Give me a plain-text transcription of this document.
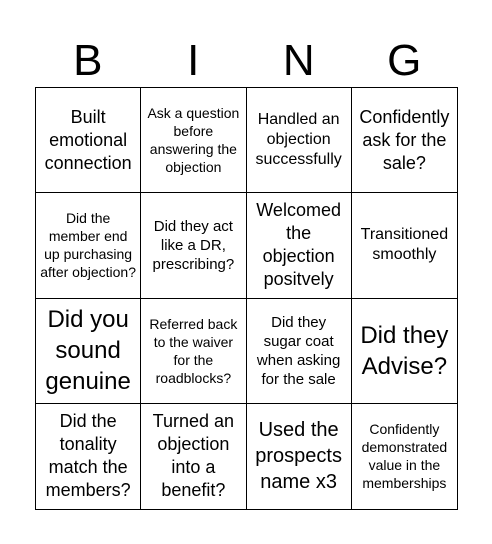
B	I	N	G
Built emotional connection
Ask a question before answering the objection
Handled an objection successfully
Confidently ask for the sale?
Did the member end up purchasing after objection?
Did they act like a DR, prescribing?
Welcomed the objection positvely
Transitioned smoothly
Did you sound genuine
Referred back to the waiver for the roadblocks?
Did they sugar coat when asking for the sale
Did they Advise?
Did the tonality match the members?
Turned an objection into a benefit?
Used the prospects name x3
Confidently demonstrated value in the memberships
